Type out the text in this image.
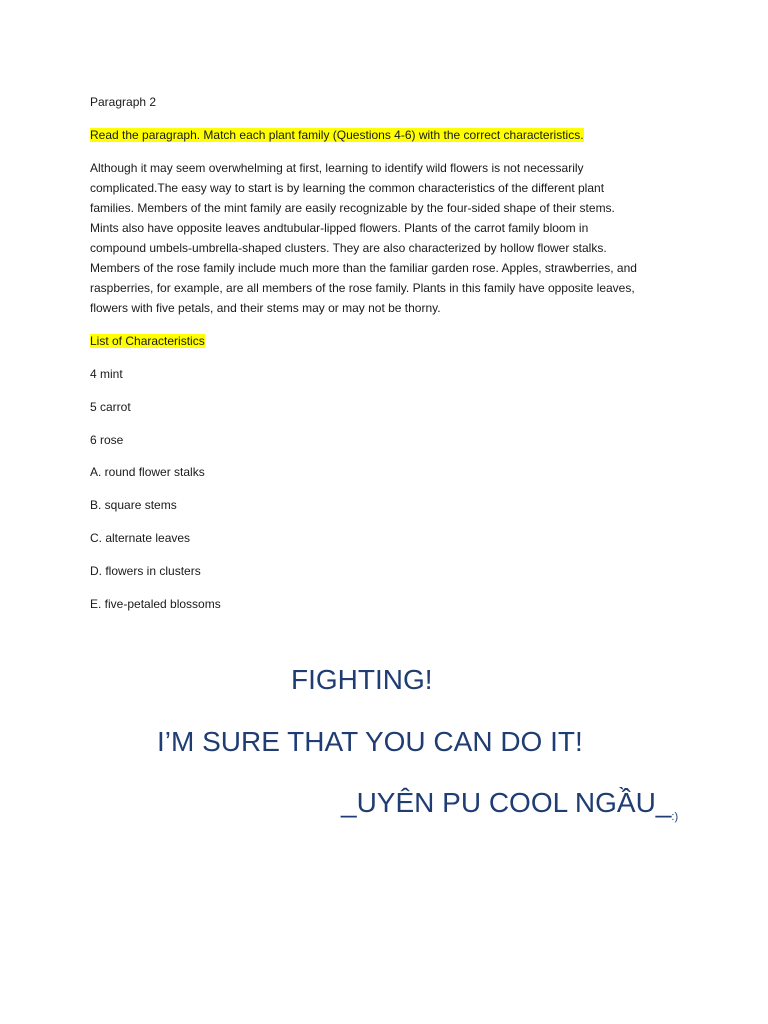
Paragraph 2
Read the paragraph. Match each plant family (Questions 4-6) with the correct characteristics.
Although it may seem overwhelming at first, learning to identify wild flowers is not necessarily
complicated.The easy way to start is by learning the common characteristics of the different plant
families. Members of the mint family are easily recognizable by the four-sided shape of their stems.
Mints also have opposite leaves andtubular-lipped flowers. Plants of the carrot family bloom in
compound umbels-umbrella-shaped clusters. They are also characterized by hollow flower stalks.
Members of the rose family include much more than the familiar garden rose. Apples, strawberries, and
raspberries, for example, are all members of the rose family. Plants in this family have opposite leaves,
flowers with five petals, and their stems may or may not be thorny.
List of Characteristics
4 mint
5 carrot
6 rose
A. round flower stalks
B. square stems
C. alternate leaves
D. flowers in clusters
E. five-petaled blossoms
FIGHTING!
I’M SURE THAT YOU CAN DO IT!
_UYÊN PU COOL $NGẦU\__{:)}$
